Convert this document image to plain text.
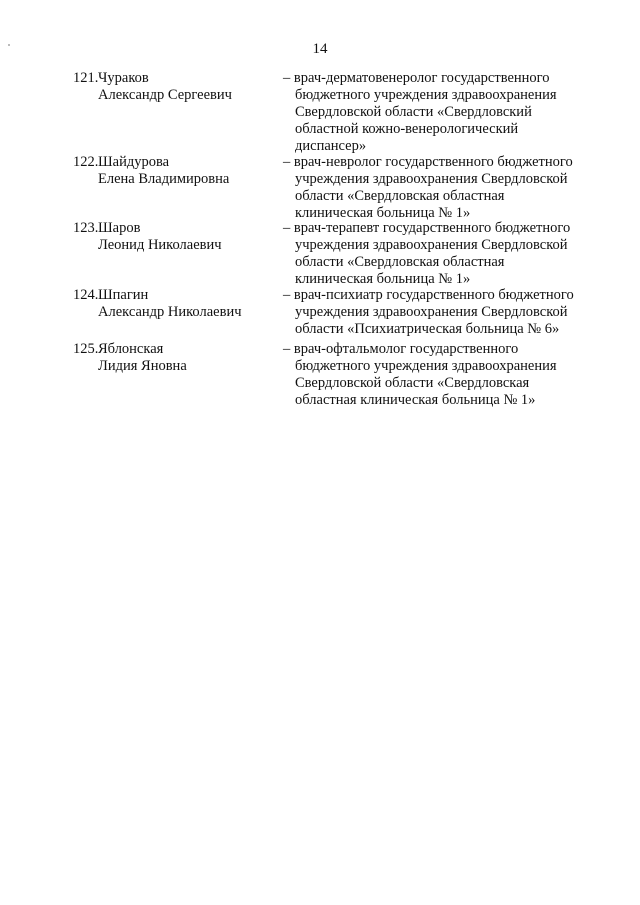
14
121. Чураков
Александр Сергеевич
– врач-дерматовенеролог государственного
бюджетного учреждения здравоохранения
Свердловской области «Свердловский
областной кожно-венерологический
диспансер»
122. Шайдурова
Елена Владимировна
– врач-невролог государственного бюджетного
учреждения здравоохранения Свердловской
области «Свердловская областная
клиническая больница № 1»
123. Шаров
Леонид Николаевич
– врач-терапевт государственного бюджетного
учреждения здравоохранения Свердловской
области «Свердловская областная
клиническая больница № 1»
124. Шпагин
Александр Николаевич
– врач-психиатр государственного бюджетного
учреждения здравоохранения Свердловской
области «Психиатрическая больница № 6»
125. Яблонская
Лидия Яновна
– врач-офтальмолог государственного
бюджетного учреждения здравоохранения
Свердловской области «Свердловская
областная клиническая больница № 1»
